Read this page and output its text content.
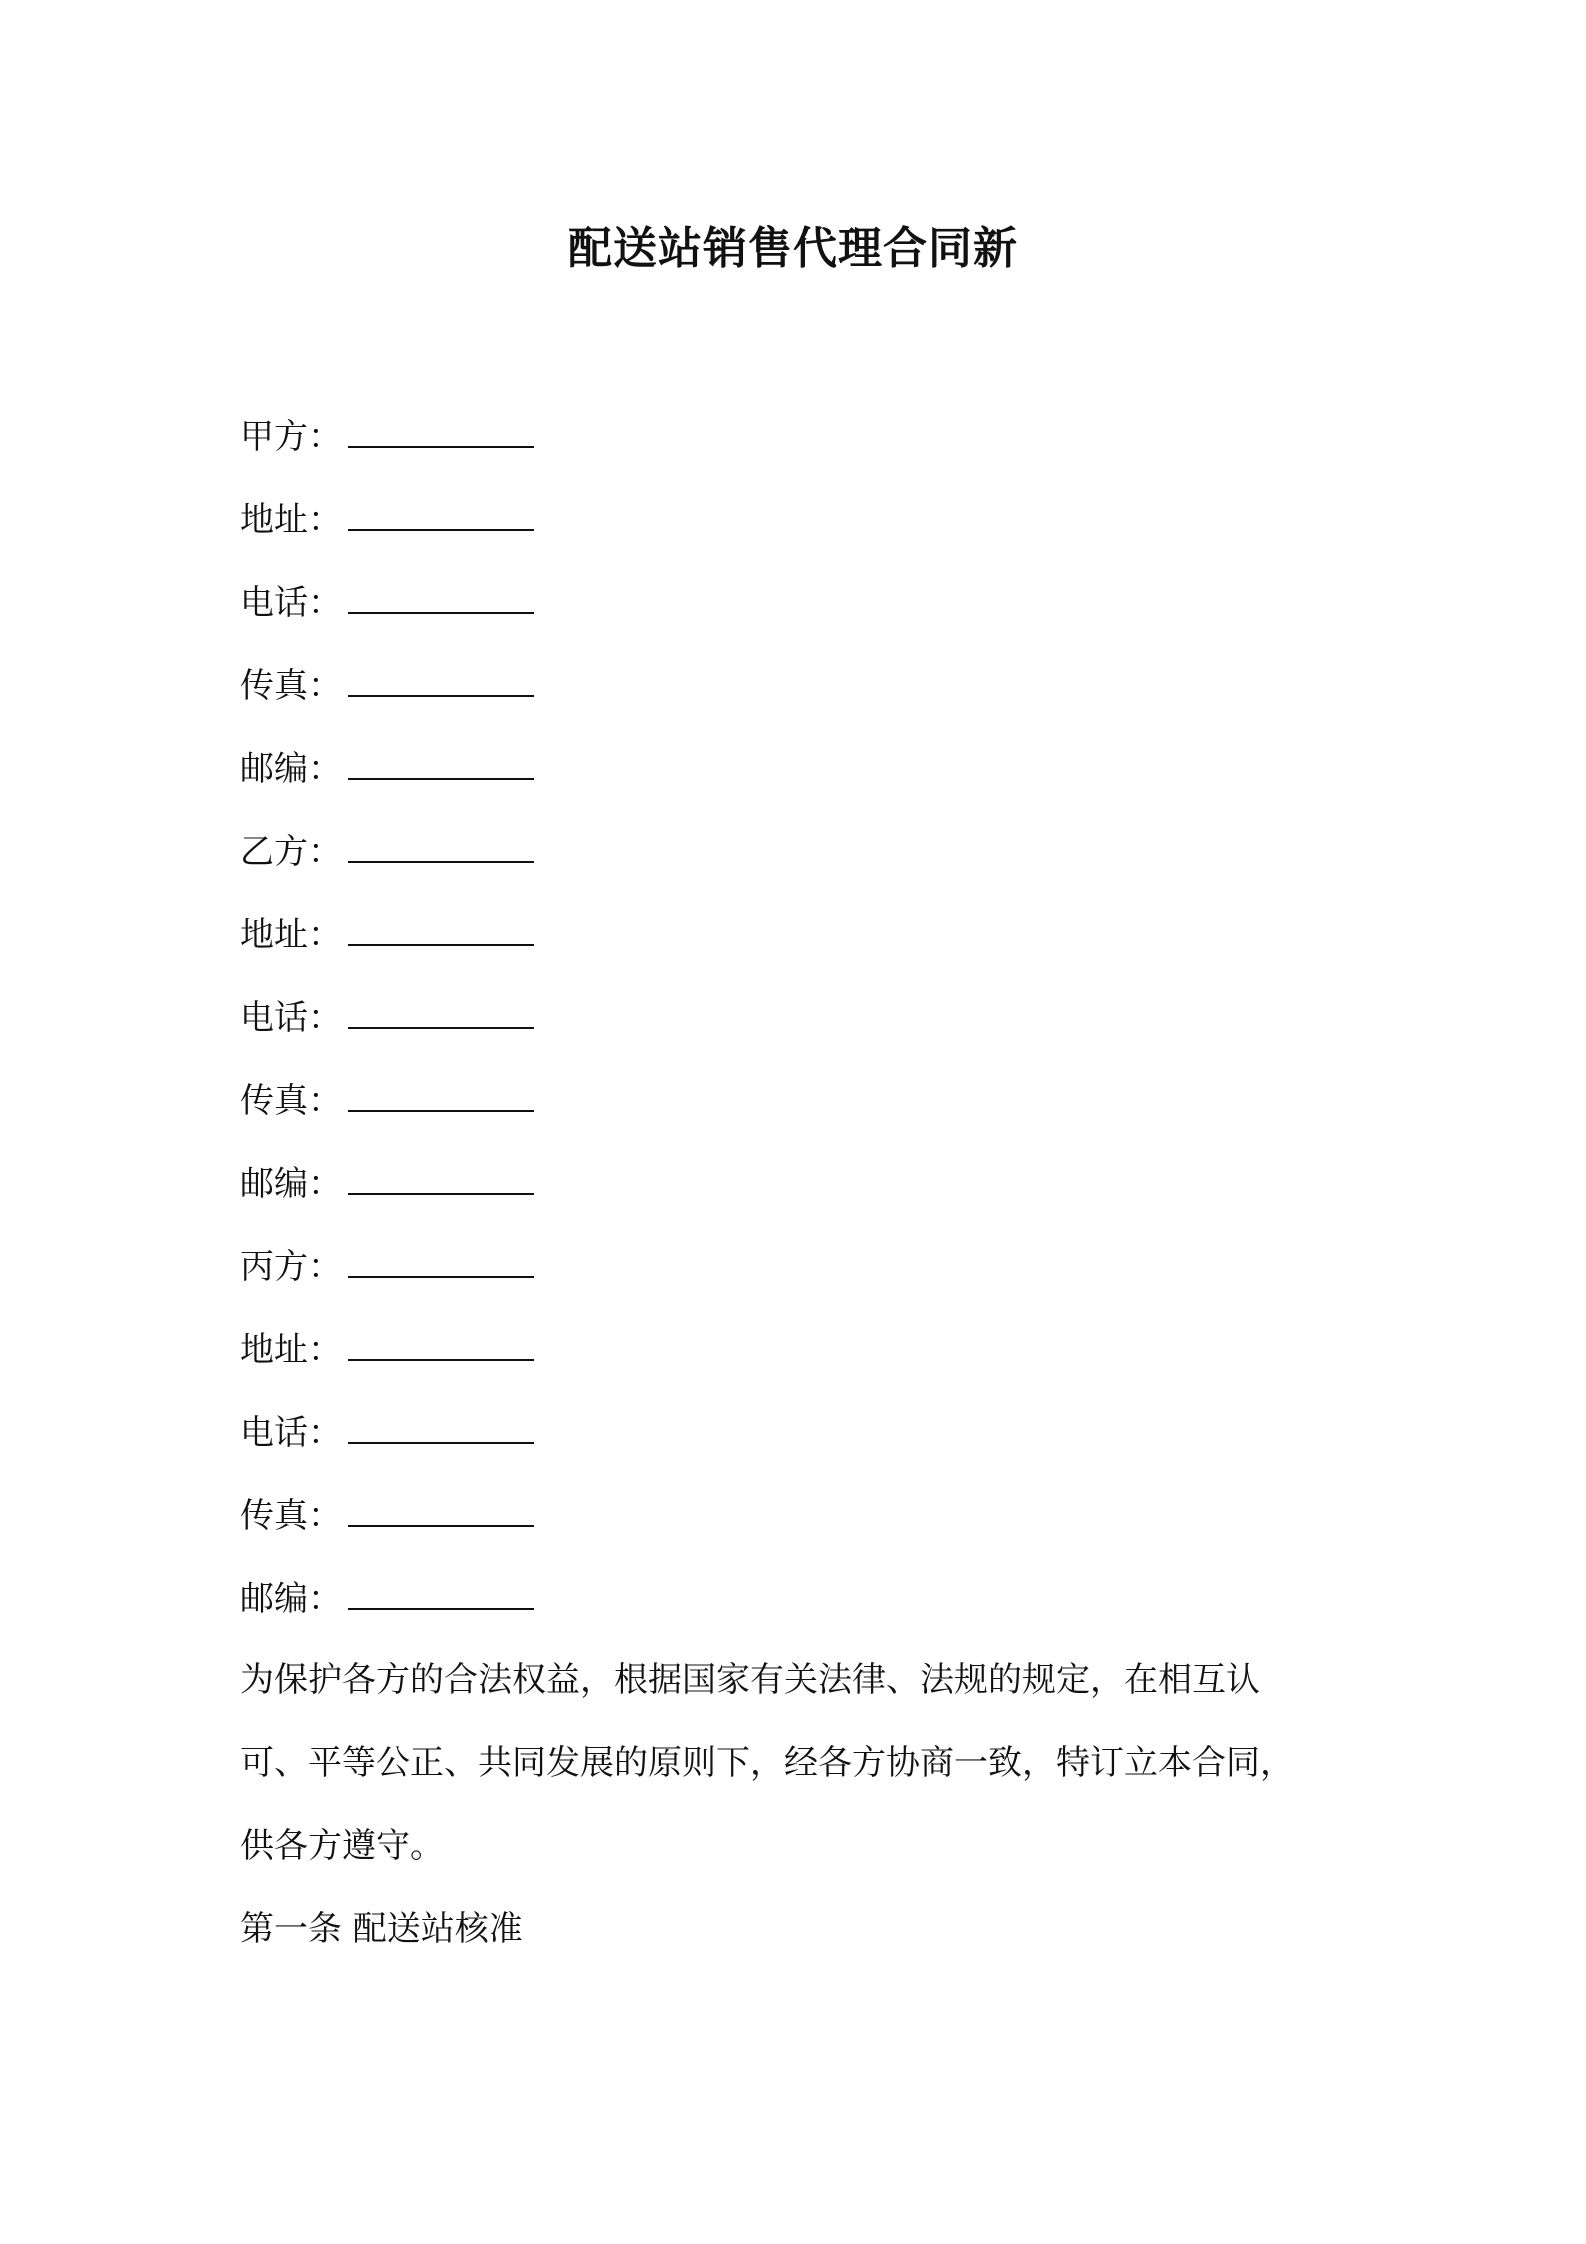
配送站销售代理合同新
甲方：
地址：
电话：
传真：
邮编：
乙方：
地址：
电话：
传真：
邮编：
丙方：
地址：
电话：
传真：
邮编：
为保护各方的合法权益，根据国家有关法律、法规的规定，在相互认
可、平等公正、共同发展的原则下，经各方协商一致，特订立本合同，
供各方遵守。
第一条 配送站核准
